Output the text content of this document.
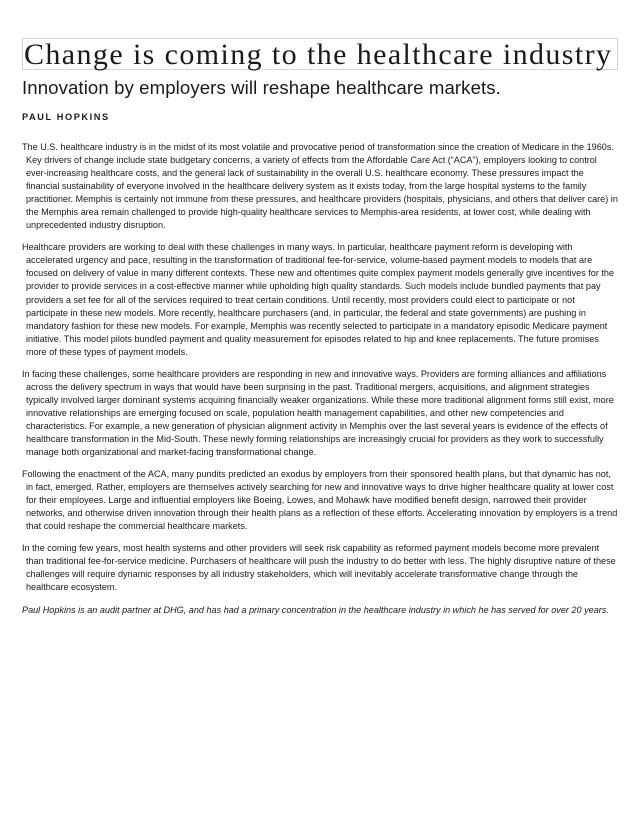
Change is coming to the healthcare industry
Innovation by employers will reshape healthcare markets.
PAUL HOPKINS

The U.S. healthcare industry is in the midst of its most volatile and provocative period of transformation since the creation of Medicare in the 1960s. Key drivers of change include state budgetary concerns, a variety of effects from the Affordable Care Act (“ACA”), employers looking to control ever-increasing healthcare costs, and the general lack of sustainability in the overall U.S. healthcare economy. These pressures impact the financial sustainability of everyone involved in the healthcare delivery system as it exists today, from the large hospital systems to the family practitioner. Memphis is certainly not immune from these pressures, and healthcare providers (hospitals, physicians, and others that deliver care) in the Memphis area remain challenged to provide high-quality healthcare services to Memphis-area residents, at lower cost, while dealing with unprecedented industry disruption.

Healthcare providers are working to deal with these challenges in many ways. In particular, healthcare payment reform is developing with accelerated urgency and pace, resulting in the transformation of traditional fee-for-service, volume-based payment models to models that are focused on delivery of value in many different contexts. These new and oftentimes quite complex payment models generally give incentives for the provider to provide services in a cost-effective manner while upholding high quality standards. Such models include bundled payments that pay providers a set fee for all of the services required to treat certain conditions. Until recently, most providers could elect to participate or not participate in these new models. More recently, healthcare purchasers (and, in particular, the federal and state governments) are pushing in mandatory fashion for these new models. For example, Memphis was recently selected to participate in a mandatory episodic Medicare payment initiative. This model pilots bundled payment and quality measurement for episodes related to hip and knee replacements. The future promises more of these types of payment models.

In facing these challenges, some healthcare providers are responding in new and innovative ways. Providers are forming alliances and affiliations across the delivery spectrum in ways that would have been surprising in the past. Traditional mergers, acquisitions, and alignment strategies typically involved larger dominant systems acquiring financially weaker organizations. While these more traditional alignment forms still exist, more innovative relationships are emerging focused on scale, population health management capabilities, and other new competencies and characteristics. For example, a new generation of physician alignment activity in Memphis over the last several years is evidence of the effects of healthcare transformation in the Mid-South. These newly forming relationships are increasingly crucial for providers as they work to successfully manage both organizational and market-facing transformational change.

Following the enactment of the ACA, many pundits predicted an exodus by employers from their sponsored health plans, but that dynamic has not, in fact, emerged. Rather, employers are themselves actively searching for new and innovative ways to drive higher healthcare quality at lower cost for their employees. Large and influential employers like Boeing, Lowes, and Mohawk have modified benefit design, narrowed their provider networks, and otherwise driven innovation through their health plans as a reflection of these efforts. Accelerating innovation by employers is a trend that could reshape the commercial healthcare markets.

In the coming few years, most health systems and other providers will seek risk capability as reformed payment models become more prevalent than traditional fee-for-service medicine. Purchasers of healthcare will push the industry to do better with less. The highly disruptive nature of these challenges will require dynamic responses by all industry stakeholders, which will inevitably accelerate transformative change through the healthcare ecosystem.

Paul Hopkins is an audit partner at DHG, and has had a primary concentration in the healthcare industry in which he has served for over 20 years.
